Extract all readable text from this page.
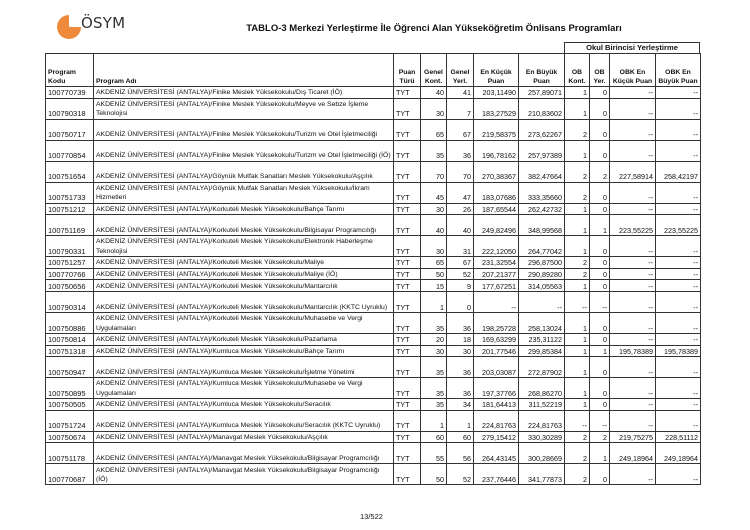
ÖSYM	TABLO-3 Merkezi Yerleştirme İle Öğrenci Alan Yükseköğretim Önlisans Programları
Okul Birincisi Yerleştirme
Program Kodu	Program Adı	Puan Türü	Genel Kont.	Genel Yerl.	En Küçük Puan	En Büyük Puan	OB Kont.	OB Yer.	OBK En Küçük Puan	OBK En Büyük Puan
100770739	AKDENİZ ÜNİVERSİTESİ (ANTALYA)/Finike Meslek Yüksekokulu/Dış Ticaret (İÖ)	TYT	40	41	203,11490	257,89071	1	0	--	--
100790318	AKDENİZ ÜNİVERSİTESİ (ANTALYA)/Finike Meslek Yüksekokulu/Meyve ve Sebze İşleme Teknolojisi	TYT	30	7	183,27529	210,83602	1	0	--	--
100750717	AKDENİZ ÜNİVERSİTESİ (ANTALYA)/Finike Meslek Yüksekokulu/Turizm ve Otel İşletmeciliği	TYT	65	67	219,58375	273,62267	2	0	--	--
100770854	AKDENİZ ÜNİVERSİTESİ (ANTALYA)/Finike Meslek Yüksekokulu/Turizm ve Otel İşletmeciliği (İÖ)	TYT	35	36	196,78162	257,97389	1	0	--	--
100751654	AKDENİZ ÜNİVERSİTESİ (ANTALYA)/Göynük Mutfak Sanatları Meslek Yüksekokulu/Aşçılık	TYT	70	70	270,38367	382,47664	2	2	227,58914	258,42197
100751733	AKDENİZ ÜNİVERSİTESİ (ANTALYA)/Göynük Mutfak Sanatları Meslek Yüksekokulu/İkram Hizmetleri	TYT	45	47	183,07686	333,35660	2	0	--	--
100751212	AKDENİZ ÜNİVERSİTESİ (ANTALYA)/Korkuteli Meslek Yüksekokulu/Bahçe Tarımı	TYT	30	26	187,65544	262,42732	1	0	--	--
100751169	AKDENİZ ÜNİVERSİTESİ (ANTALYA)/Korkuteli Meslek Yüksekokulu/Bilgisayar Programcılığı	TYT	40	40	249,82496	348,99568	1	1	223,55225	223,55225
100790331	AKDENİZ ÜNİVERSİTESİ (ANTALYA)/Korkuteli Meslek Yüksekokulu/Elektronik Haberleşme Teknolojisi	TYT	30	31	222,12050	264,77042	1	0	--	--
100751257	AKDENİZ ÜNİVERSİTESİ (ANTALYA)/Korkuteli Meslek Yüksekokulu/Maliye	TYT	65	67	231,32554	296,87500	2	0	--	--
100770766	AKDENİZ ÜNİVERSİTESİ (ANTALYA)/Korkuteli Meslek Yüksekokulu/Maliye (İÖ)	TYT	50	52	207,21377	290,89280	2	0	--	--
100750656	AKDENİZ ÜNİVERSİTESİ (ANTALYA)/Korkuteli Meslek Yüksekokulu/Mantarcılık	TYT	15	9	177,67251	314,05563	1	0	--	--
100790314	AKDENİZ ÜNİVERSİTESİ (ANTALYA)/Korkuteli Meslek Yüksekokulu/Mantarcılık (KKTC Uyruklu)	TYT	1	0	--	--	--	--	--	--
100750886	AKDENİZ ÜNİVERSİTESİ (ANTALYA)/Korkuteli Meslek Yüksekokulu/Muhasebe ve Vergi Uygulamaları	TYT	35	36	198,25728	258,13024	1	0	--	--
100750814	AKDENİZ ÜNİVERSİTESİ (ANTALYA)/Korkuteli Meslek Yüksekokulu/Pazarlama	TYT	20	18	169,63299	235,31122	1	0	--	--
100751318	AKDENİZ ÜNİVERSİTESİ (ANTALYA)/Kumluca Meslek Yüksekokulu/Bahçe Tarımı	TYT	30	30	201,77546	299,85384	1	1	195,78389	195,78389
100750947	AKDENİZ ÜNİVERSİTESİ (ANTALYA)/Kumluca Meslek Yüksekokulu/İşletme Yönetimi	TYT	35	36	203,03087	272,87902	1	0	--	--
100750895	AKDENİZ ÜNİVERSİTESİ (ANTALYA)/Kumluca Meslek Yüksekokulu/Muhasebe ve Vergi Uygulamaları	TYT	35	36	197,37766	268,86270	1	0	--	--
100750505	AKDENİZ ÜNİVERSİTESİ (ANTALYA)/Kumluca Meslek Yüksekokulu/Seracılık	TYT	35	34	181,64413	311,52219	1	0	--	--
100751724	AKDENİZ ÜNİVERSİTESİ (ANTALYA)/Kumluca Meslek Yüksekokulu/Seracılık (KKTC Uyruklu)	TYT	1	1	224,81763	224,81763	--	--	--	--
100750674	AKDENİZ ÜNİVERSİTESİ (ANTALYA)/Manavgat Meslek Yüksekokulu/Aşçılık	TYT	60	60	279,15412	330,30289	2	2	219,75275	228,51112
100751178	AKDENİZ ÜNİVERSİTESİ (ANTALYA)/Manavgat Meslek Yüksekokulu/Bilgisayar Programcılığı	TYT	55	56	264,43145	300,28669	2	1	249,18964	249,18964
100770687	AKDENİZ ÜNİVERSİTESİ (ANTALYA)/Manavgat Meslek Yüksekokulu/Bilgisayar Programcılığı (İÖ)	TYT	50	52	237,76446	341,77873	2	0	--	--
13/522
